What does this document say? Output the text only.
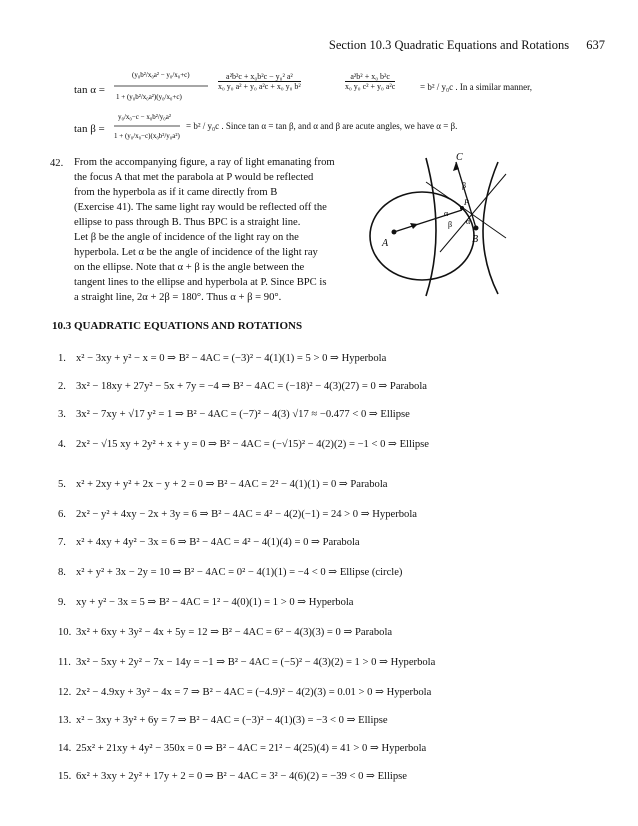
Section 10.3 Quadratic Equations and Rotations 637
tan α =
(y₀b²/x₀a² − y₀/x₀+c)
1 + (y₀b²/x₀a²)(y₀/x₀+c)
$\frac{\text{a²b²c + x₀b²c − y₀² a²}}{\text{x₀ y₀ a² + y₀ a²c + x₀ y₀ b²}}$	$\frac{\text{a²b² + x₀ b²c}}{\text{x₀ y₀ c² + y₀ a²c}}$	= b² / y₀c . In a similar manner,
tan β =
y₀/x₀−c − x₀b²/y₀a²
1 + (y₀/x₀−c)(x₀b²/y₀a²)
= b² / y₀c . Since tan α = tan β, and α and β are acute angles, we have α = β.
42. From the accompanying figure, a ray of light emanating from
the focus A that met the parabola at P would be reflected
from the hyperbola as if it came directly from B
(Exercise 41). The same light ray would be reflected off the
ellipse to pass through B. Thus BPC is a straight line.
Let β be the angle of incidence of the light ray on the
hyperbola. Let α be the angle of incidence of the light ray
on the ellipse. Note that α + β is the angle between the
tangent lines to the ellipse and hyperbola at P. Since BPC is
a straight line, 2α + 2β = 180°. Thus α + β = 90°.
C
β
P
α
β
A	B
α
10.3 QUADRATIC EQUATIONS AND ROTATIONS
1. x² − 3xy + y² − x = 0 ⇒ B² − 4AC = (−3)² − 4(1)(1) = 5 > 0 ⇒ Hyperbola
2. 3x² − 18xy + 27y² − 5x + 7y = −4 ⇒ B² − 4AC = (−18)² − 4(3)(27) = 0 ⇒ Parabola
3. 3x² − 7xy + √17 y² = 1 ⇒ B² − 4AC = (−7)² − 4(3) √17 ≈ −0.477 < 0 ⇒ Ellipse
4. 2x² − √15 xy + 2y² + x + y = 0 ⇒ B² − 4AC = (−√15)² − 4(2)(2) = −1 < 0 ⇒ Ellipse
5. x² + 2xy + y² + 2x − y + 2 = 0 ⇒ B² − 4AC = 2² − 4(1)(1) = 0 ⇒ Parabola
6. 2x² − y² + 4xy − 2x + 3y = 6 ⇒ B² − 4AC = 4² − 4(2)(−1) = 24 > 0 ⇒ Hyperbola
7. x² + 4xy + 4y² − 3x = 6 ⇒ B² − 4AC = 4² − 4(1)(4) = 0 ⇒ Parabola
8. x² + y² + 3x − 2y = 10 ⇒ B² − 4AC = 0² − 4(1)(1) = −4 < 0 ⇒ Ellipse (circle)
9. xy + y² − 3x = 5 ⇒ B² − 4AC = 1² − 4(0)(1) = 1 > 0 ⇒ Hyperbola
10. 3x² + 6xy + 3y² − 4x + 5y = 12 ⇒ B² − 4AC = 6² − 4(3)(3) = 0 ⇒ Parabola
11. 3x² − 5xy + 2y² − 7x − 14y = −1 ⇒ B² − 4AC = (−5)² − 4(3)(2) = 1 > 0 ⇒ Hyperbola
12. 2x² − 4.9xy + 3y² − 4x = 7 ⇒ B² − 4AC = (−4.9)² − 4(2)(3) = 0.01 > 0 ⇒ Hyperbola
13. x² − 3xy + 3y² + 6y = 7 ⇒ B² − 4AC = (−3)² − 4(1)(3) = −3 < 0 ⇒ Ellipse
14. 25x² + 21xy + 4y² − 350x = 0 ⇒ B² − 4AC = 21² − 4(25)(4) = 41 > 0 ⇒ Hyperbola
15. 6x² + 3xy + 2y² + 17y + 2 = 0 ⇒ B² − 4AC = 3² − 4(6)(2) = −39 < 0 ⇒ Ellipse
